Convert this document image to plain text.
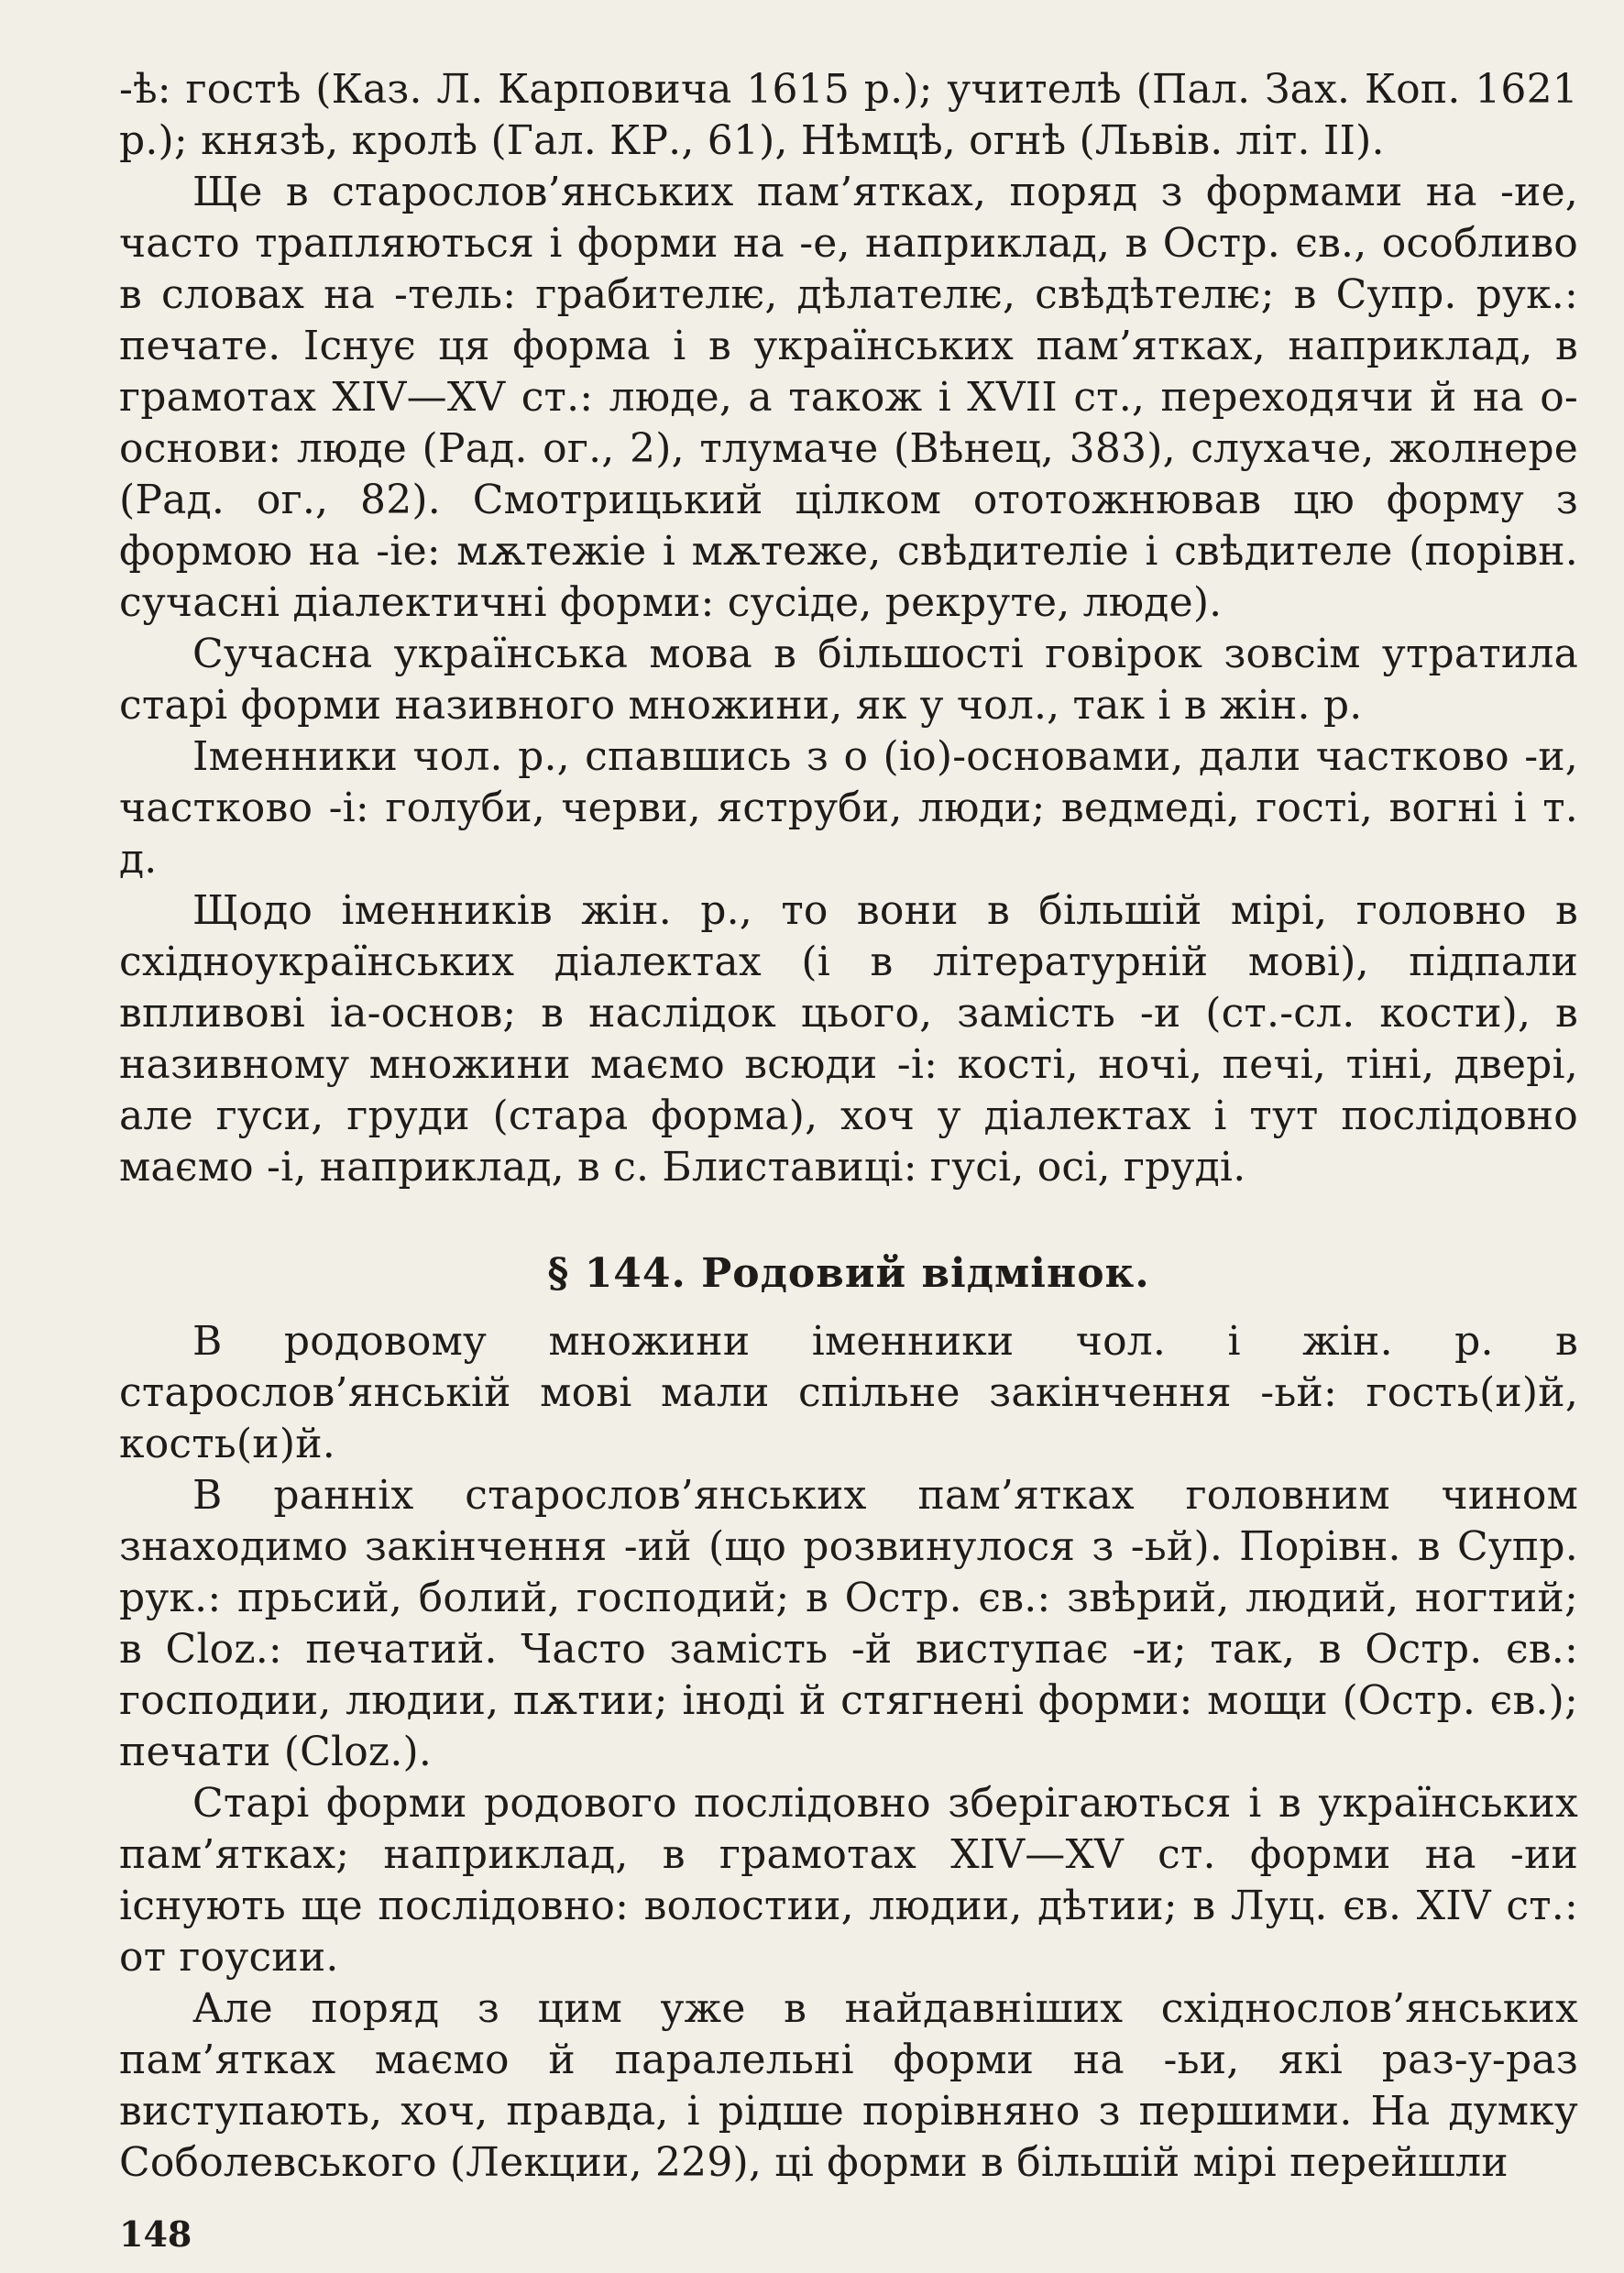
-ѣ: гостѣ (Каз. Л. Карповича 1615 р.); учителѣ (Пал. Зах. Коп. 1621 р.); князѣ, кролѣ (Гал. КР., 61), Нѣмцѣ, огнѣ (Львів. літ. II).

Ще в старослов’янських пам’ятках, поряд з формами на -ие, часто трапляються і форми на -е, наприклад, в Остр. єв., особливо в словах на -тель: грабителѥ, дѣлателѥ, свѣдѣтелѥ; в Супр. рук.: печате. Існує ця форма і в українських пам’ятках, наприклад, в грамотах XIV—XV ст.: люде, а також і XVII ст., переходячи й на о-основи: люде (Рад. ог., 2), тлумаче (Вѣнец, 383), слухаче, жолнере (Рад. ог., 82). Смотрицький цілком ототожнював цю форму з формою на -іе: мѫтежіе і мѫтеже, свѣдителіе і свѣдителе (порівн. сучасні діалектичні форми: сусіде, рекруте, люде).

Сучасна українська мова в більшості говірок зовсім утратила старі форми називного множини, як у чол., так і в жін. р.

Іменники чол. р., спавшись з о (іо)-основами, дали частково -и, частково -і: голуби, черви, яструби, люди; ведмеді, гості, вогні і т. д.

Щодо іменників жін. р., то вони в більшій мірі, головно в східноукраїнських діалектах (і в літературній мові), підпали впливові іа-основ; в наслідок цього, замість -и (ст.-сл. кости), в називному множини маємо всюди -і: кості, ночі, печі, тіні, двері, але гуси, груди (стара форма), хоч у діалектах і тут послідовно маємо -і, наприклад, в с. Блиставиці: гусі, осі, груді.

§ 144. Родовий відмінок.

В родовому множини іменники чол. і жін. р. в старослов’янській мові мали спільне закінчення -ьй: гость(и)й, кость(и)й.

В ранніх старослов’янських пам’ятках головним чином знаходимо закінчення -ий (що розвинулося з -ьй). Порівн. в Супр. рук.: прьсий, болий, господий; в Остр. єв.: звѣрий, людий, ногтий; в Cloz.: печатий. Часто замість -й виступає -и; так, в Остр. єв.: господии, людии, пѫтии; іноді й стягнені форми: мощи (Остр. єв.); печати (Cloz.).

Старі форми родового послідовно зберігаються і в українських пам’ятках; наприклад, в грамотах XIV—XV ст. форми на -ии існують ще послідовно: волостии, людии, дѣтии; в Луц. єв. XIV ст.: от гоусии.

Але поряд з цим уже в найдавніших східнослов’янських пам’ятках маємо й паралельні форми на -ьи, які раз-у-раз виступають, хоч, правда, і рідше порівняно з першими. На думку Соболевського (Лекции, 229), ці форми в більшій мірі перейшли

148
